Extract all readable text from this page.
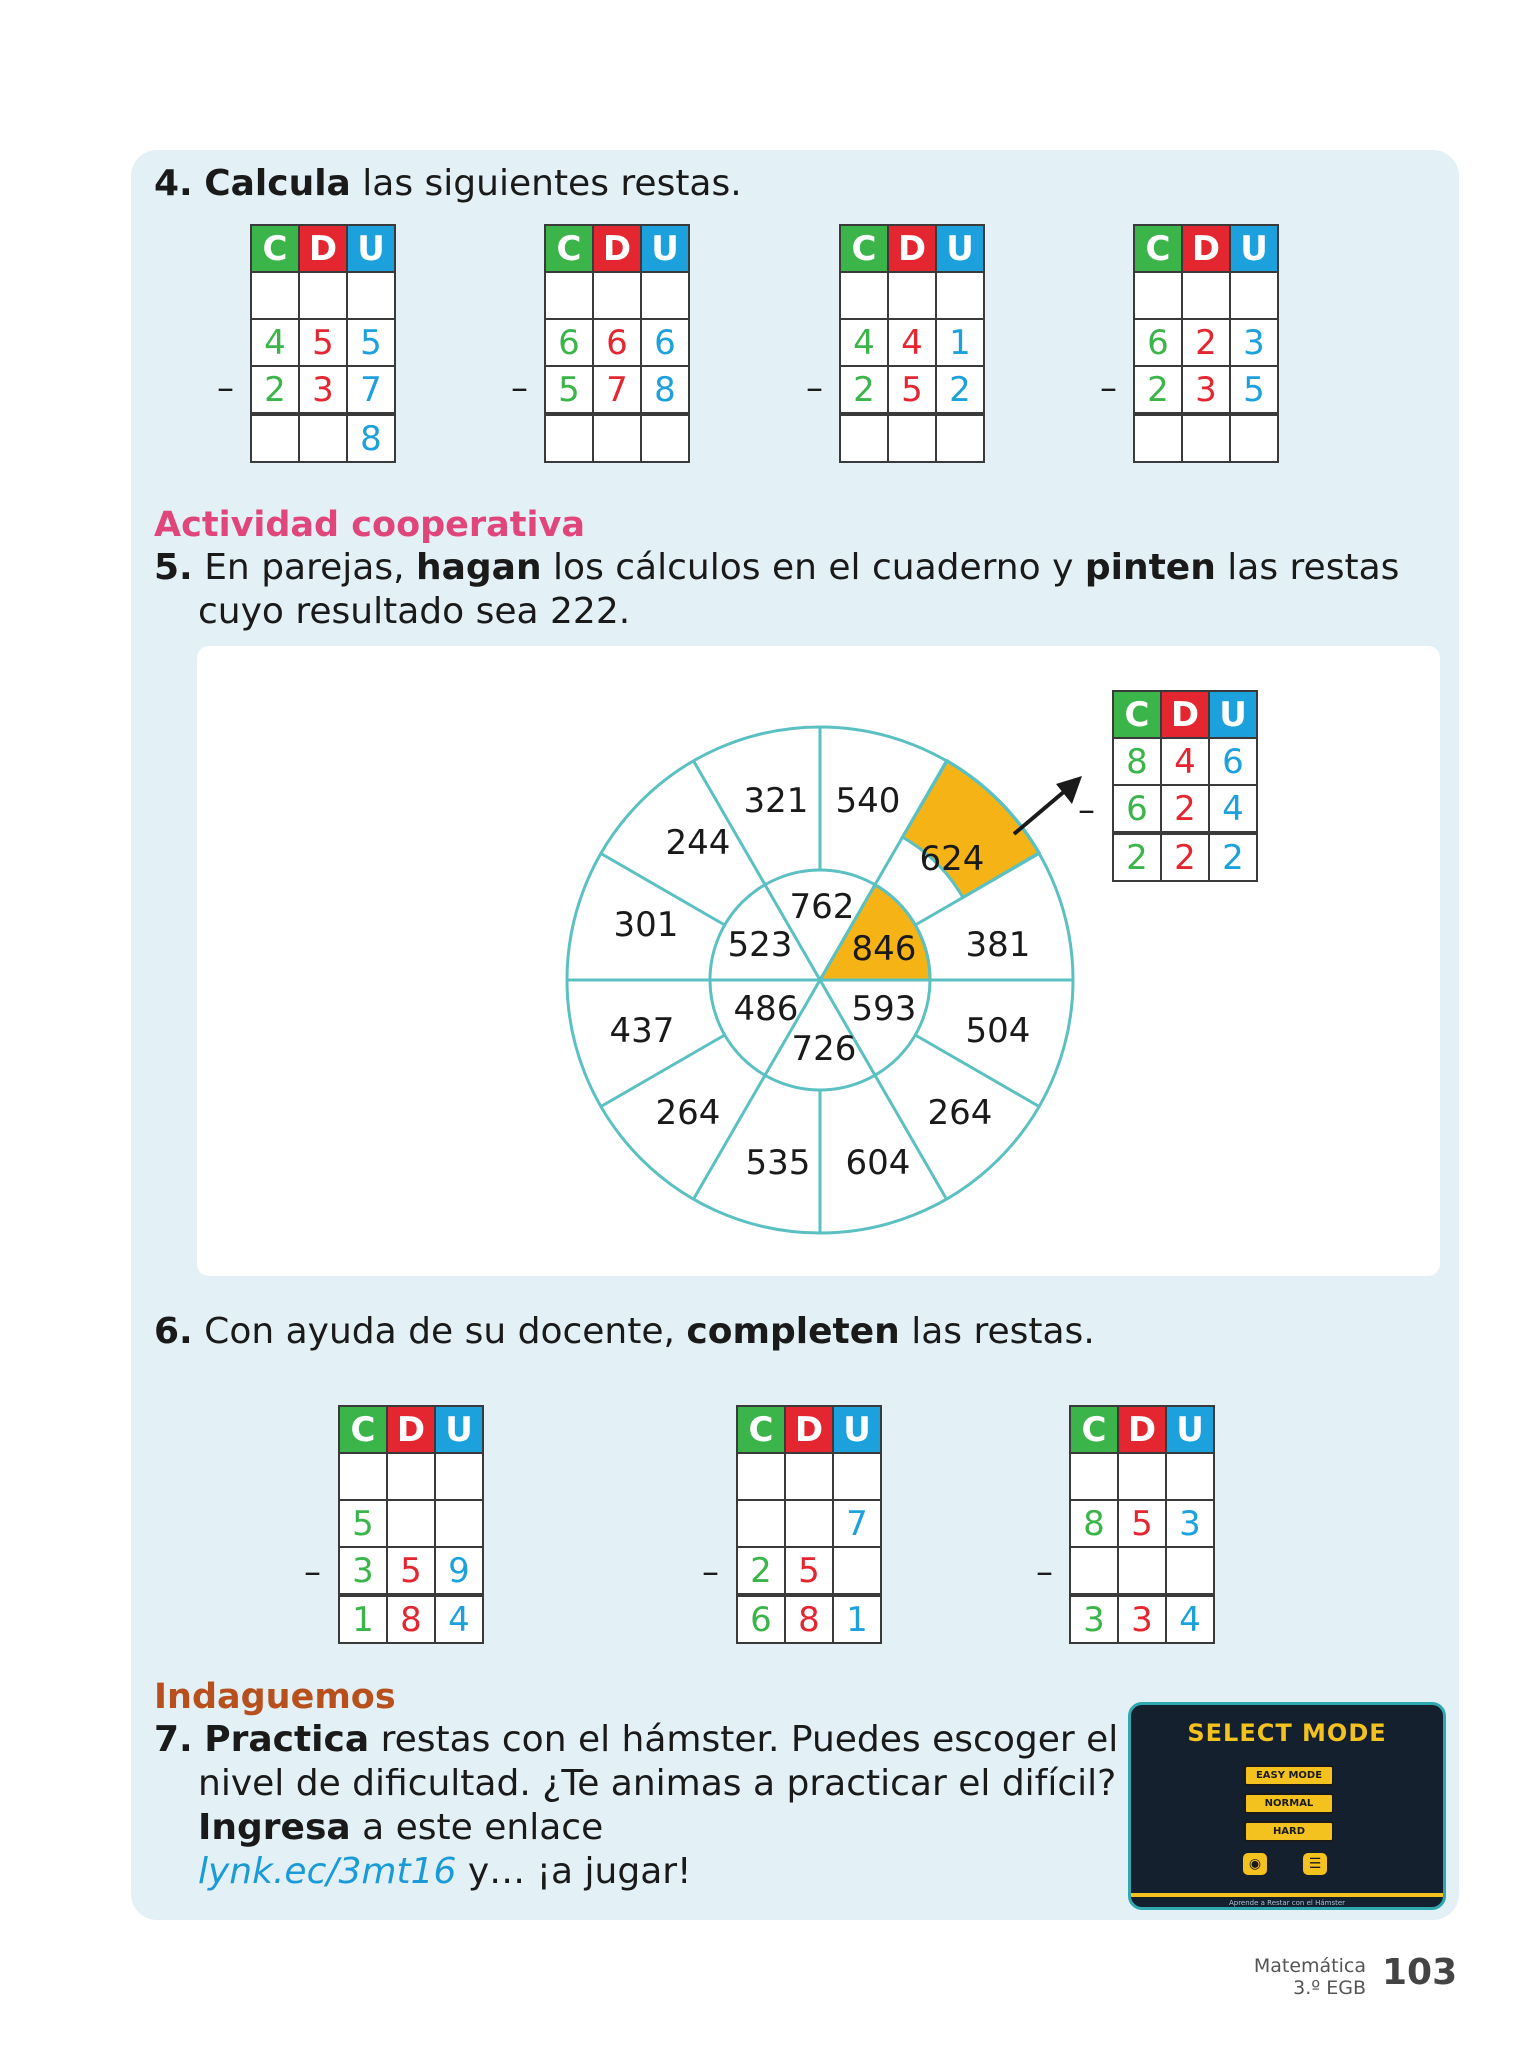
4. Calcula las siguientes restas.
–
C	D	U

4	5	5
2	3	7
		8
–
C	D	U

6	6	6
5	7	8
			–
C	D	U

4	4	1
2	5	2
			–
C	D	U

6	2	3
2	3	5

Actividad cooperativa
5. En parejas, hagan los cálculos en el cuaderno y pinten las restas
cuyo resultado sea 222.
762
523 846
486 593
726
321 540
244	624
301	381
437	504
264	264
535 604
–
C	D	U
8	4	6
6	2	4
2	2	2
6. Con ayuda de su docente, completen las restas.
–
C	D	U

5		
3	5	9
1	8	4
–
C	D	U

		7
2	5	
6	8	1
–
C	D	U

8	5	3

3	3	4
Indaguemos
7. Practica restas con el hámster. Puedes escoger el
nivel de dificultad. ¿Te animas a practicar el difícil?
Ingresa a este enlace
lynk.ec/3mt16 y… ¡a jugar!
SELECT MODE
EASY MODE
NORMAL
HARD
◉	☰
Aprende a Restar con el Hámster
Matemática
3.º EGB 103
